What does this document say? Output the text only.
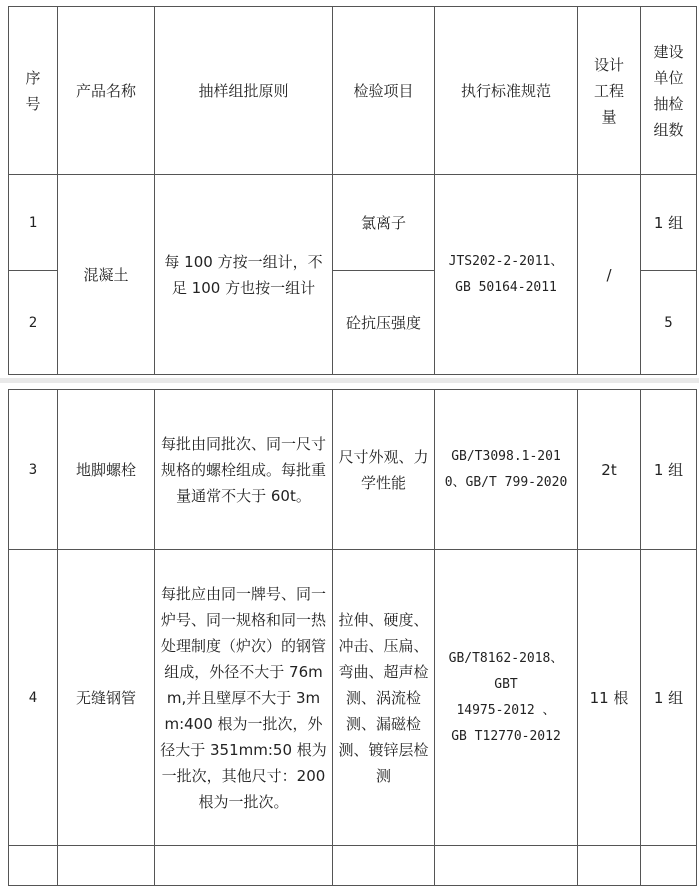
序
号	产品名称	抽样组批原则	检验项目	执行标准规范	设计
工程
量	建设
单位
抽检
组数

1	混凝土	每 100 方按一组计，不足 100 方也按一组计	氯离子	JTS202-2-2011、
GB 50164-2011	/	1 组
2			砼抗压强度			5
3	地脚螺栓	每批由同批次、同一尺寸规格的螺栓组成。每批重量通常不大于 60t。	尺寸外观、力学性能	GB/T3098.1-201
0、GB/T 799-2020	2t	1 组
4	无缝钢管	每批应由同一牌号、同一炉号、同一规格和同一热处理制度（炉次）的钢管组成，外径不大于 76mm,并且壁厚不大于 3mm:400 根为一批次，外径大于 351mm:50 根为一批次，其他尺寸：200 根为一批次。	拉伸、硬度、冲击、压扁、弯曲、超声检测、涡流检测、漏磁检测、镀锌层检测	GB/T8162-2018、
GBT
14975-2012 、
GB T12770-2012	11 根	1 组
